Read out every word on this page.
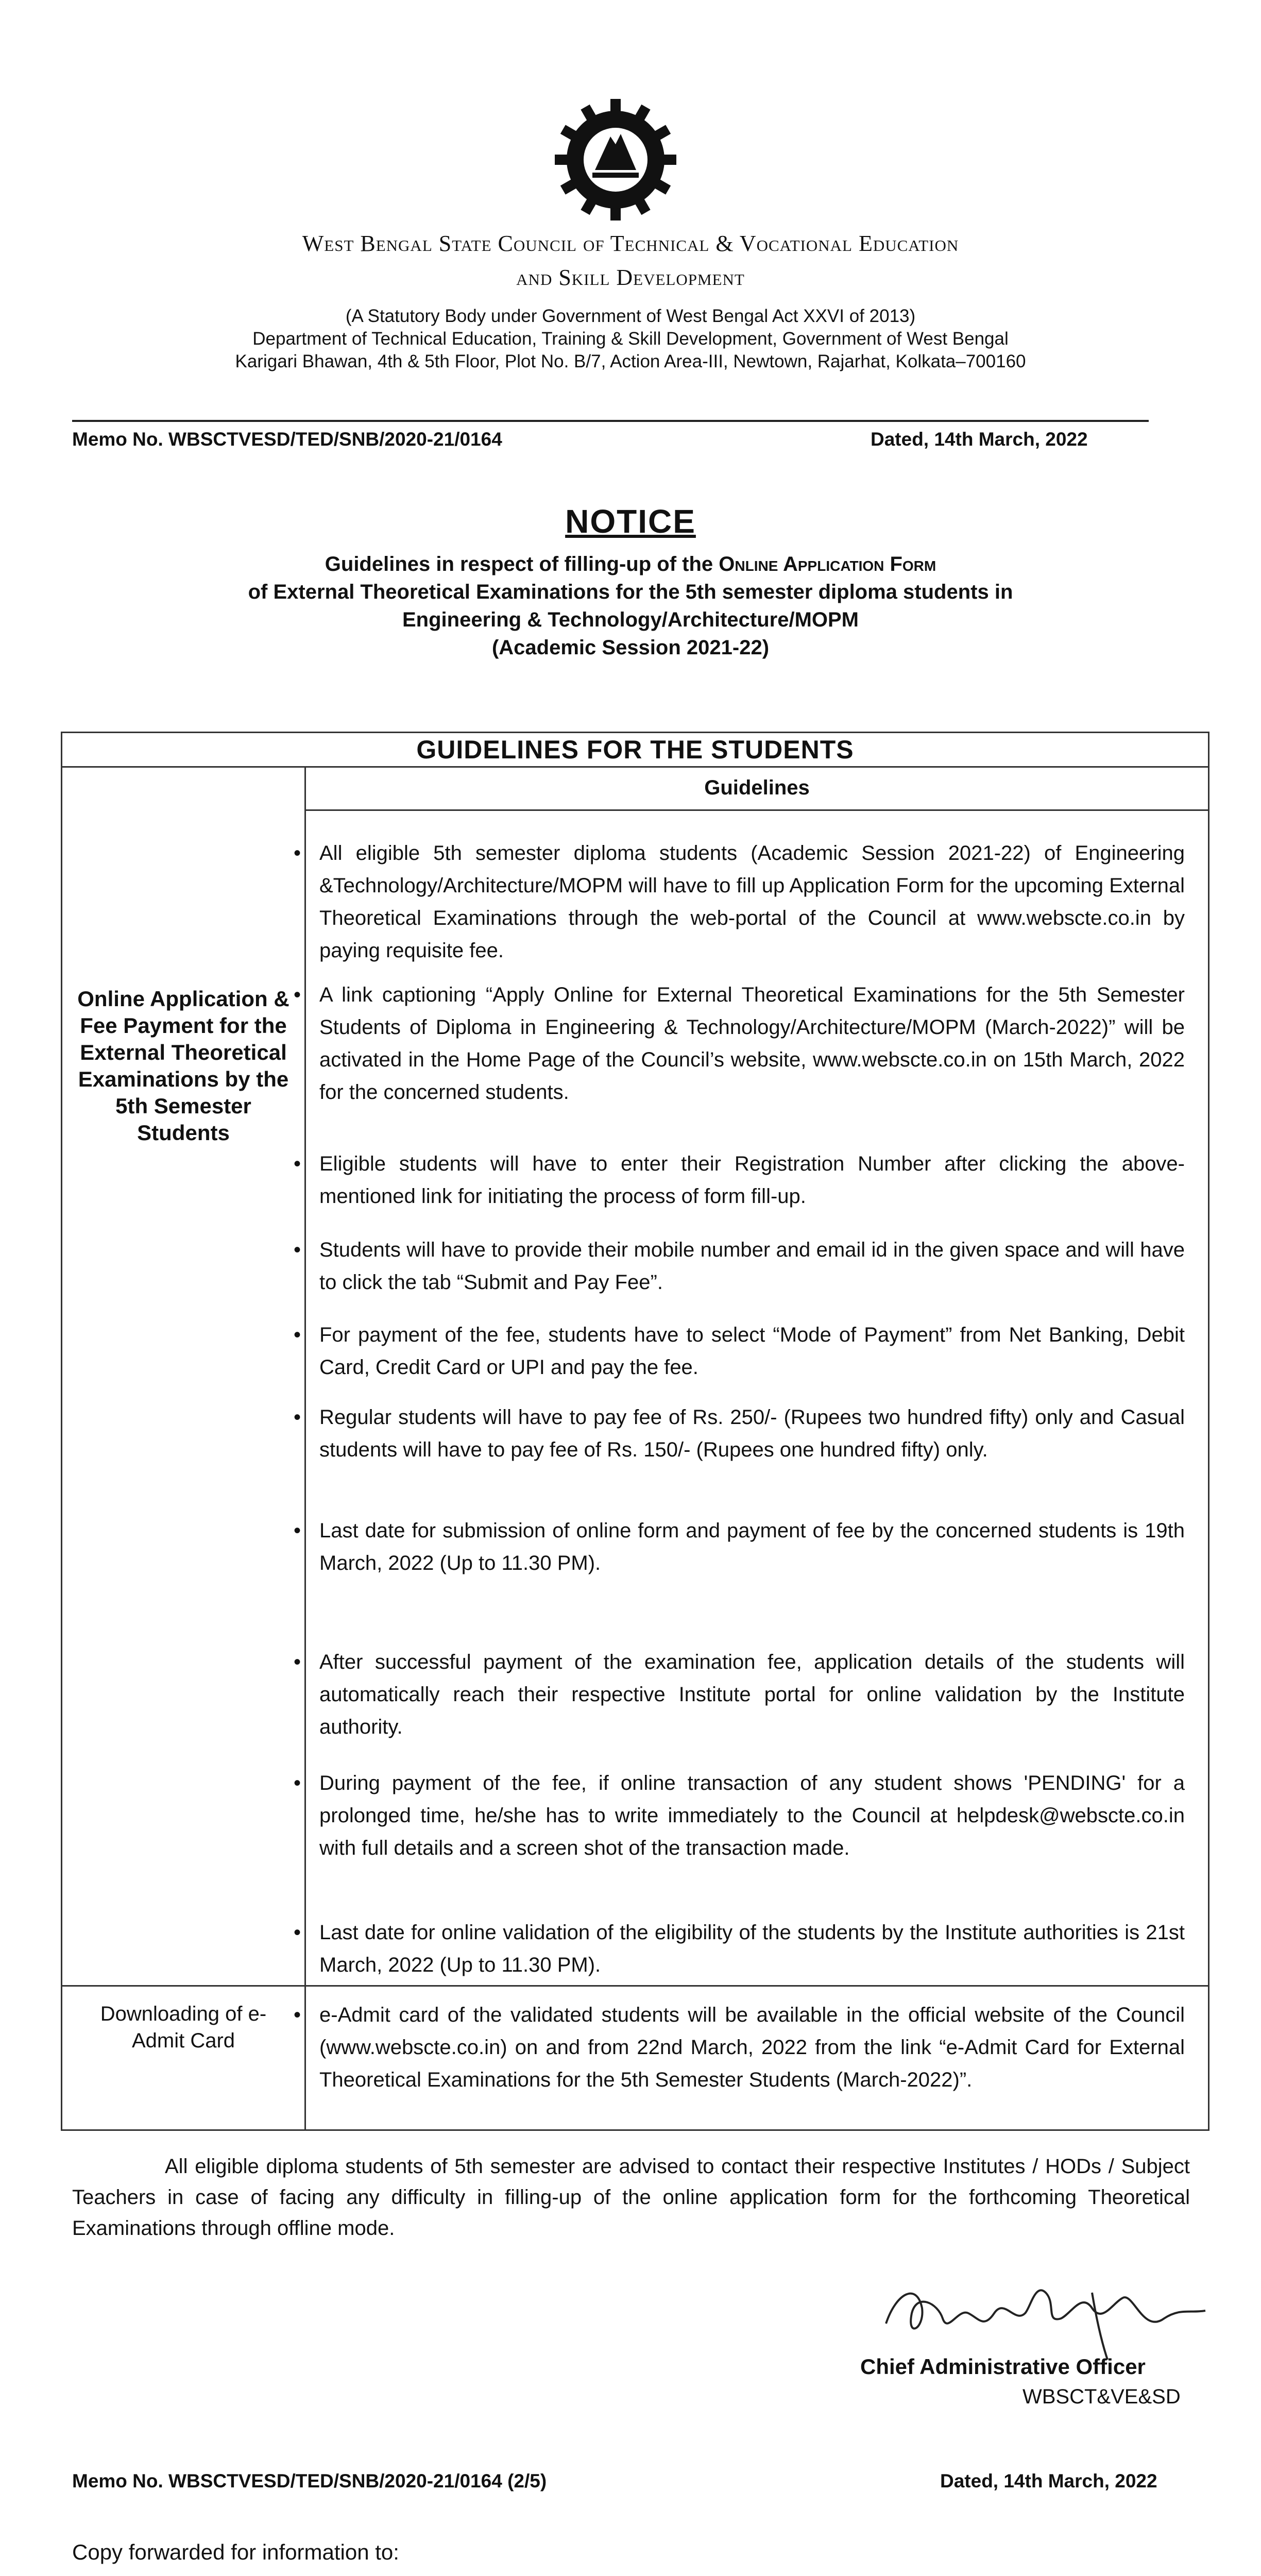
West Bengal State Council of Technical & Vocational Education
and Skill Development
(A Statutory Body under Government of West Bengal Act XXVI of 2013)
Department of Technical Education, Training & Skill Development, Government of West Bengal
Karigari Bhawan, 4th & 5th Floor, Plot No. B/7, Action Area-III, Newtown, Rajarhat, Kolkata–700160
Memo No. WBSCTVESD/TED/SNB/2020-21/0164	Dated, 14th March, 2022
NOTICE
Guidelines in respect of filling-up of the Online Application Form
of External Theoretical Examinations for the 5th semester diploma students in
Engineering & Technology/Architecture/MOPM
(Academic Session 2021-22)
GUIDELINES FOR THE STUDENTS
Guidelines
Online Application & Fee Payment for the External Theoretical Examinations by the 5th Semester Students
Downloading of e-Admit Card
• All eligible 5th semester diploma students (Academic Session 2021-22) of Engineering &Technology/Architecture/MOPM will have to fill up Application Form for the upcoming External Theoretical Examinations through the web-portal of the Council at www.webscte.co.in by paying requisite fee.
• A link captioning “Apply Online for External Theoretical Examinations for the 5th Semester Students of Diploma in Engineering & Technology/Architecture/MOPM (March-2022)” will be activated in the Home Page of the Council’s website, www.webscte.co.in on 15th March, 2022 for the concerned students.
• Eligible students will have to enter their Registration Number after clicking the above-mentioned link for initiating the process of form fill-up.
• Students will have to provide their mobile number and email id in the given space and will have to click the tab “Submit and Pay Fee”.
• For payment of the fee, students have to select “Mode of Payment” from Net Banking, Debit Card, Credit Card or UPI and pay the fee.
• Regular students will have to pay fee of Rs. 250/- (Rupees two hundred fifty) only and Casual students will have to pay fee of Rs. 150/- (Rupees one hundred fifty) only.
• Last date for submission of online form and payment of fee by the concerned students is 19th March, 2022 (Up to 11.30 PM).
• After successful payment of the examination fee, application details of the students will automatically reach their respective Institute portal for online validation by the Institute authority.
• During payment of the fee, if online transaction of any student shows 'PENDING' for a prolonged time, he/she has to write immediately to the Council at helpdesk@webscte.co.in with full details and a screen shot of the transaction made.
• Last date for online validation of the eligibility of the students by the Institute authorities is 21st March, 2022 (Up to 11.30 PM).
• e-Admit card of the validated students will be available in the official website of the Council (www.webscte.co.in) on and from 22nd March, 2022 from the link “e-Admit Card for External Theoretical Examinations for the 5th Semester Students (March-2022)”.
All eligible diploma students of 5th semester are advised to contact their respective Institutes / HODs / Subject Teachers in case of facing any difficulty in filling-up of the online application form for the forthcoming Theoretical Examinations through offline mode.
Chief Administrative Officer
WBSCT&VE&SD
Memo No. WBSCTVESD/TED/SNB/2020-21/0164 (2/5)	Dated, 14th March, 2022
Copy forwarded for information to:
